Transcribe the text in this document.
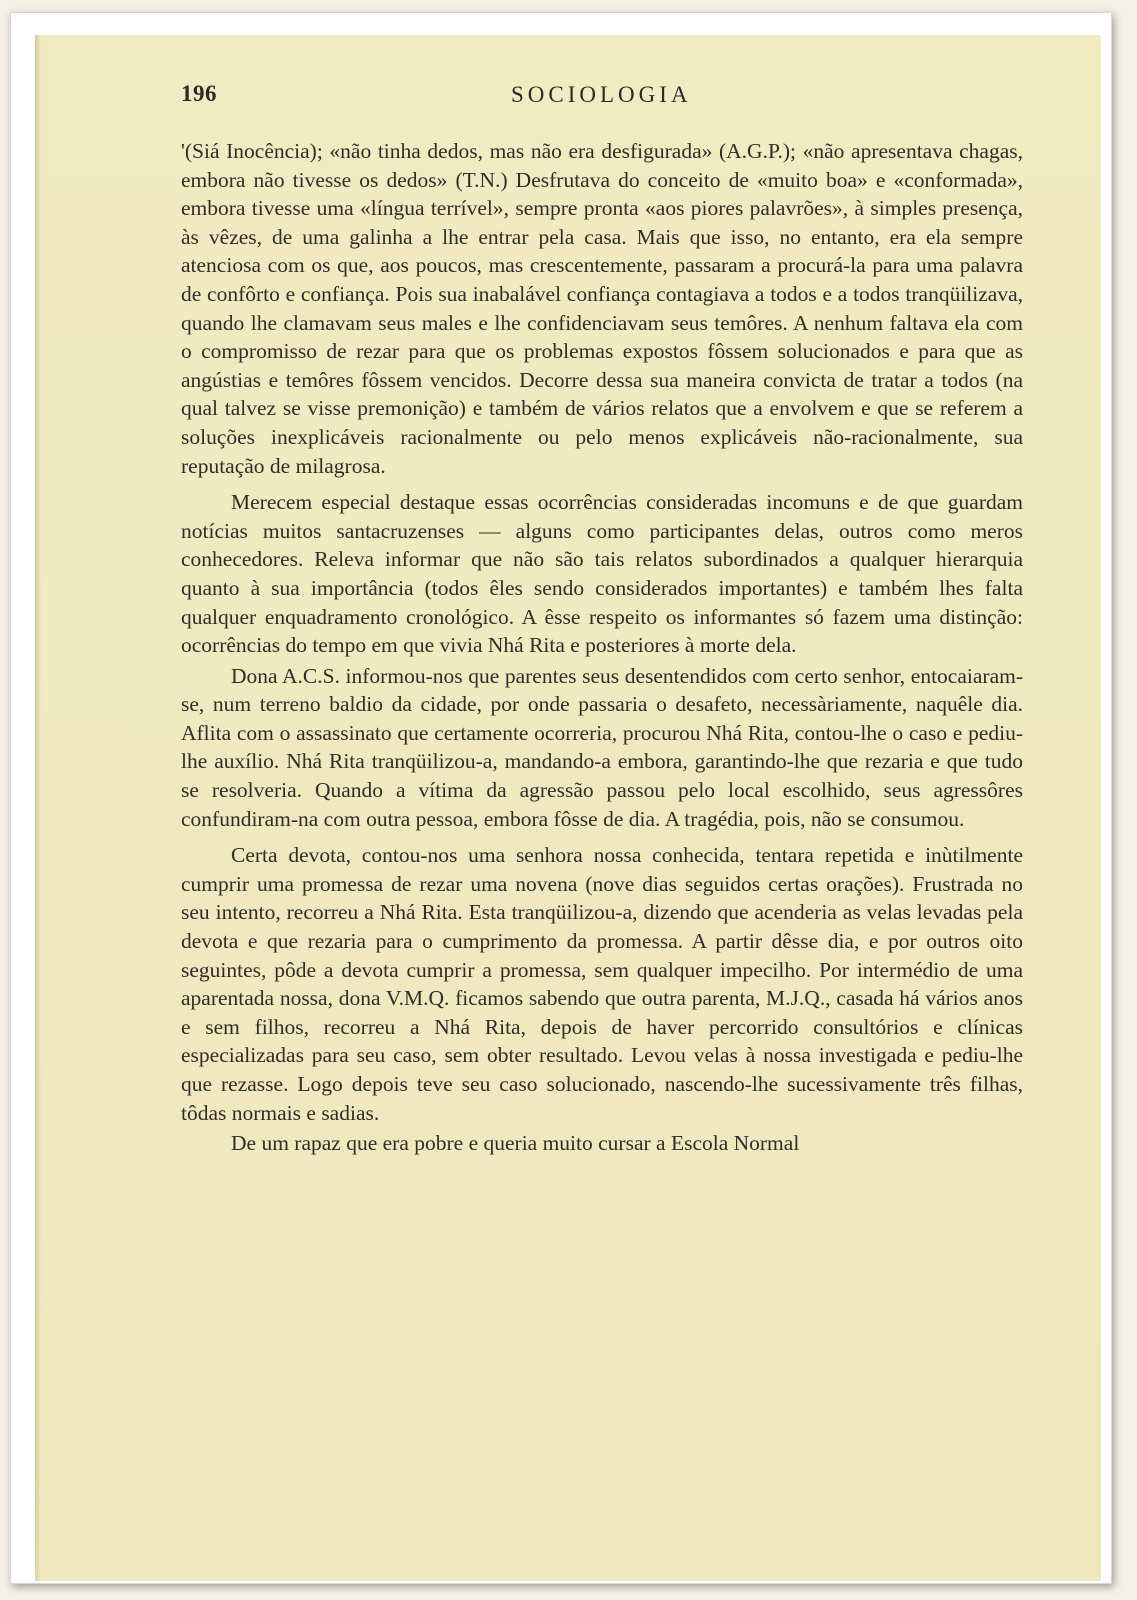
196	SOCIOLOGIA

'(Siá Inocência); «não tinha dedos, mas não era desfigurada» (A.G.P.); «não apresentava chagas, embora não tivesse os dedos» (T.N.) Desfrutava do conceito de «muito boa» e «conformada», embora tivesse uma «língua terrível», sempre pronta «aos piores palavrões», à simples presença, às vêzes, de uma galinha a lhe entrar pela casa. Mais que isso, no entanto, era ela sempre atenciosa com os que, aos poucos, mas crescentemente, passaram a procurá-la para uma palavra de confôrto e confiança. Pois sua inabalável confiança contagiava a todos e a todos tranqüilizava, quando lhe clamavam seus males e lhe confidenciavam seus temôres. A nenhum faltava ela com o compromisso de rezar para que os problemas expostos fôssem solucionados e para que as angústias e temôres fôssem vencidos. Decorre dessa sua maneira convicta de tratar a todos (na qual talvez se visse premonição) e também de vários relatos que a envolvem e que se referem a soluções inexplicáveis racionalmente ou pelo menos explicáveis não-racionalmente, sua reputação de milagrosa.

Merecem especial destaque essas ocorrências consideradas incomuns e de que guardam notícias muitos santacruzenses — alguns como participantes delas, outros como meros conhecedores. Releva informar que não são tais relatos subordinados a qualquer hierarquia quanto à sua importância (todos êles sendo considerados importantes) e também lhes falta qualquer enquadramento cronológico. A êsse respeito os informantes só fazem uma distinção: ocorrências do tempo em que vivia Nhá Rita e posteriores à morte dela.

Dona A.C.S. informou-nos que parentes seus desentendidos com certo senhor, entocaiaram-se, num terreno baldio da cidade, por onde passaria o desafeto, necessàriamente, naquêle dia. Aflita com o assassinato que certamente ocorreria, procurou Nhá Rita, contou-lhe o caso e pediu-lhe auxílio. Nhá Rita tranqüilizou-a, mandando-a embora, garantindo-lhe que rezaria e que tudo se resolveria. Quando a vítima da agressão passou pelo local escolhido, seus agressôres confundiram-na com outra pessoa, embora fôsse de dia. A tragédia, pois, não se consumou.

Certa devota, contou-nos uma senhora nossa conhecida, tentara repetida e inùtilmente cumprir uma promessa de rezar uma novena (nove dias seguidos certas orações). Frustrada no seu intento, recorreu a Nhá Rita. Esta tranqüilizou-a, dizendo que acenderia as velas levadas pela devota e que rezaria para o cumprimento da promessa. A partir dêsse dia, e por outros oito seguintes, pôde a devota cumprir a promessa, sem qualquer impecilho. Por intermédio de uma aparentada nossa, dona V.M.Q. ficamos sabendo que outra parenta, M.J.Q., casada há vários anos e sem filhos, recorreu a Nhá Rita, depois de haver percorrido consultórios e clínicas especializadas para seu caso, sem obter resultado. Levou velas à nossa investigada e pediu-lhe que rezasse. Logo depois teve seu caso solucionado, nascendo-lhe sucessivamente três filhas, tôdas normais e sadias.

De um rapaz que era pobre e queria muito cursar a Escola Normal
